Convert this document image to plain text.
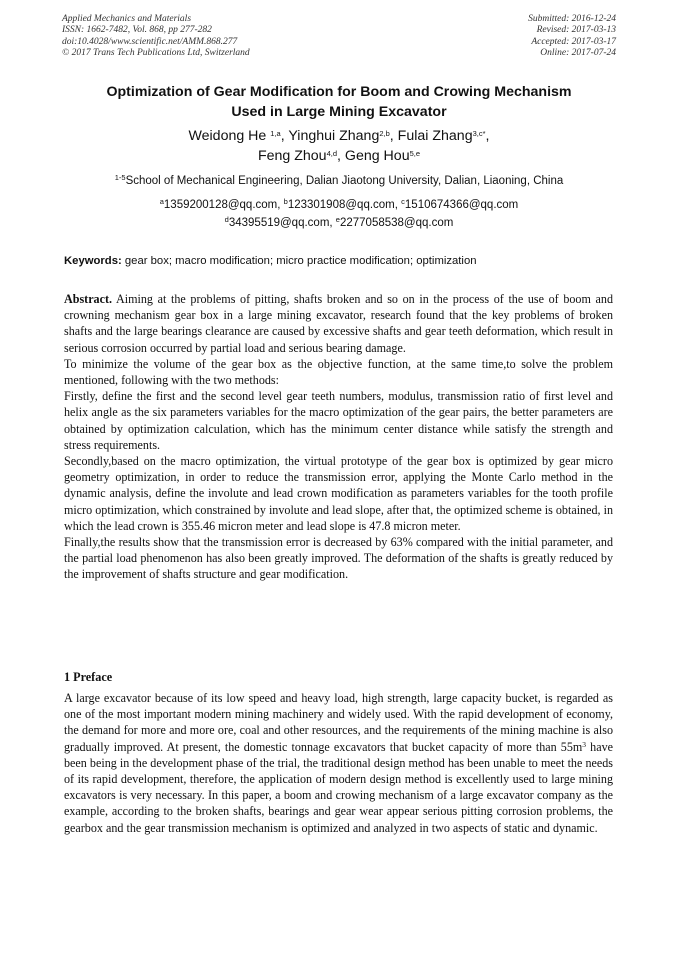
Applied Mechanics and Materials
ISSN: 1662-7482, Vol. 868, pp 277-282
doi:10.4028/www.scientific.net/AMM.868.277
© 2017 Trans Tech Publications Ltd, Switzerland
Submitted: 2016-12-24
Revised: 2017-03-13
Accepted: 2017-03-17
Online: 2017-07-24
Optimization of Gear Modification for Boom and Crowing Mechanism
Used in Large Mining Excavator
Weidong He $^{1,a}$, Yinghui Zhang$^{2,b}$, Fulai Zhang$^{3,c*}$,
Feng Zhou$^{4,d}$, Geng Hou$^{5,e}$
$^{1-5}$School of Mechanical Engineering, Dalian Jiaotong University, Dalian, Liaoning, China
$^a$1359200128@qq.com, $^b$123301908@qq.com, $^c$1510674366@qq.com
$^d$34395519@qq.com, $^e$2277058538@qq.com
Keywords: gear box; macro modification; micro practice modification; optimization

Abstract. Aiming at the problems of pitting, shafts broken and so on in the process of the use of boom and crowning mechanism gear box in a large mining excavator, research found that the key problems of broken shafts and the large bearings clearance are caused by excessive shafts and gear teeth deformation, which result in serious corrosion occurred by partial load and serious bearing damage.

To minimize the volume of the gear box as the objective function, at the same time,to solve the problem mentioned, following with the two methods:

Firstly, define the first and the second level gear teeth numbers, modulus, transmission ratio of first level and helix angle as the six parameters variables for the macro optimization of the gear pairs, the better parameters are obtained by optimization calculation, which has the minimum center distance while satisfy the strength and stress requirements.

Secondly,based on the macro optimization, the virtual prototype of the gear box is optimized by gear micro geometry optimization, in order to reduce the transmission error, applying the Monte Carlo method in the dynamic analysis, define the involute and lead crown modification as parameters variables for the tooth profile micro optimization, which constrained by involute and lead slope, after that, the optimized scheme is obtained, in which the lead crown is 355.46 micron meter and lead slope is 47.8 micron meter.

Finally,the results show that the transmission error is decreased by 63% compared with the initial parameter, and the partial load phenomenon has also been greatly improved. The deformation of the shafts is greatly reduced by the improvement of shafts structure and gear modification.

1 Preface

A large excavator because of its low speed and heavy load, high strength, large capacity bucket, is regarded as one of the most important modern mining machinery and widely used. With the rapid development of economy, the demand for more and more ore, coal and other resources, and the requirements of the mining machine is also gradually improved. At present, the domestic tonnage excavators that bucket capacity of more than $55m^3$ have been being in the development phase of the trial, the traditional design method has been unable to meet the needs of its rapid development, therefore, the application of modern design method is excellently used to large mining excavators is very necessary. In this paper, a boom and crowing mechanism of a large excavator company as the example, according to the broken shafts, bearings and gear wear appear serious pitting corrosion problems, the gearbox and the gear transmission mechanism is optimized and analyzed in two aspects of static and dynamic.
